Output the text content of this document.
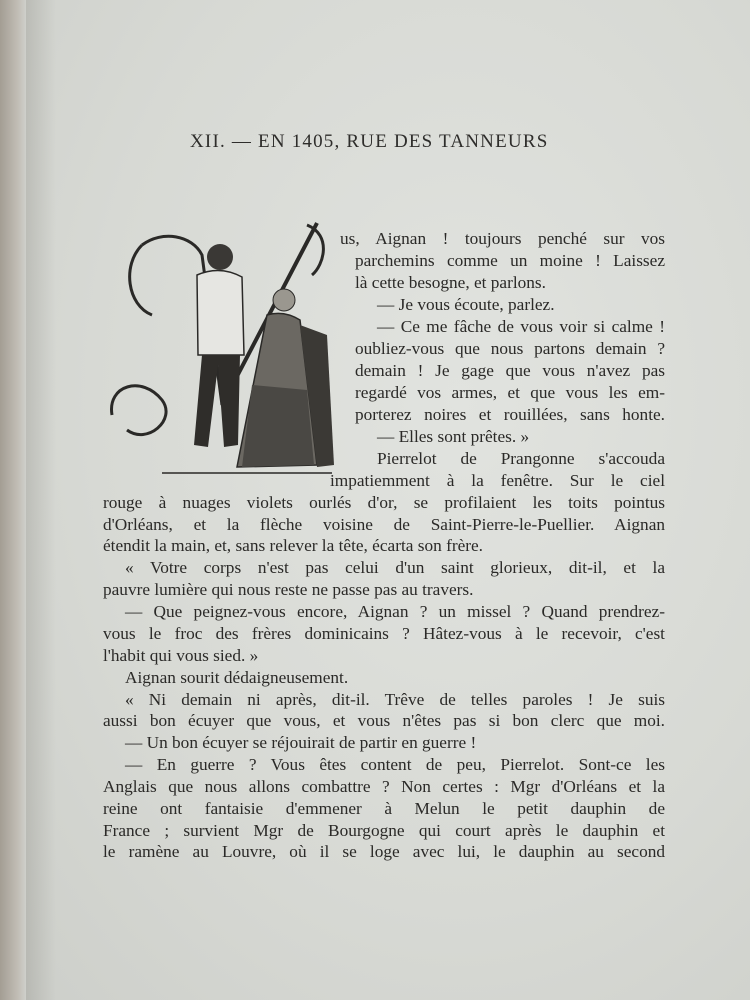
XII. — EN 1405, RUE DES TANNEURS
us, Aignan ! toujours penché sur vos
parchemins comme un moine ! Laissez
là cette besogne, et parlons.
— Je vous écoute, parlez.
— Ce me fâche de vous voir si calme !
oubliez-vous que nous partons demain ?
demain ! Je gage que vous n'avez pas
regardé vos armes, et que vous les em-
porterez noires et rouillées, sans honte.
— Elles sont prêtes. »
Pierrelot de Prangonne s'accouda
impatiemment à la fenêtre. Sur le ciel
rouge à nuages violets ourlés d'or, se profilaient les toits pointus
d'Orléans, et la flèche voisine de Saint-Pierre-le-Puellier. Aignan
étendit la main, et, sans relever la tête, écarta son frère.
« Votre corps n'est pas celui d'un saint glorieux, dit-il, et la
pauvre lumière qui nous reste ne passe pas au travers.
— Que peignez-vous encore, Aignan ? un missel ? Quand prendrez-
vous le froc des frères dominicains ? Hâtez-vous à le recevoir, c'est
l'habit qui vous sied. »
Aignan sourit dédaigneusement.
« Ni demain ni après, dit-il. Trêve de telles paroles ! Je suis
aussi bon écuyer que vous, et vous n'êtes pas si bon clerc que moi.
— Un bon écuyer se réjouirait de partir en guerre !
— En guerre ? Vous êtes content de peu, Pierrelot. Sont-ce les
Anglais que nous allons combattre ? Non certes : Mgr d'Orléans et la
reine ont fantaisie d'emmener à Melun le petit dauphin de
France ; survient Mgr de Bourgogne qui court après le dauphin et
le ramène au Louvre, où il se loge avec lui, le dauphin au second
